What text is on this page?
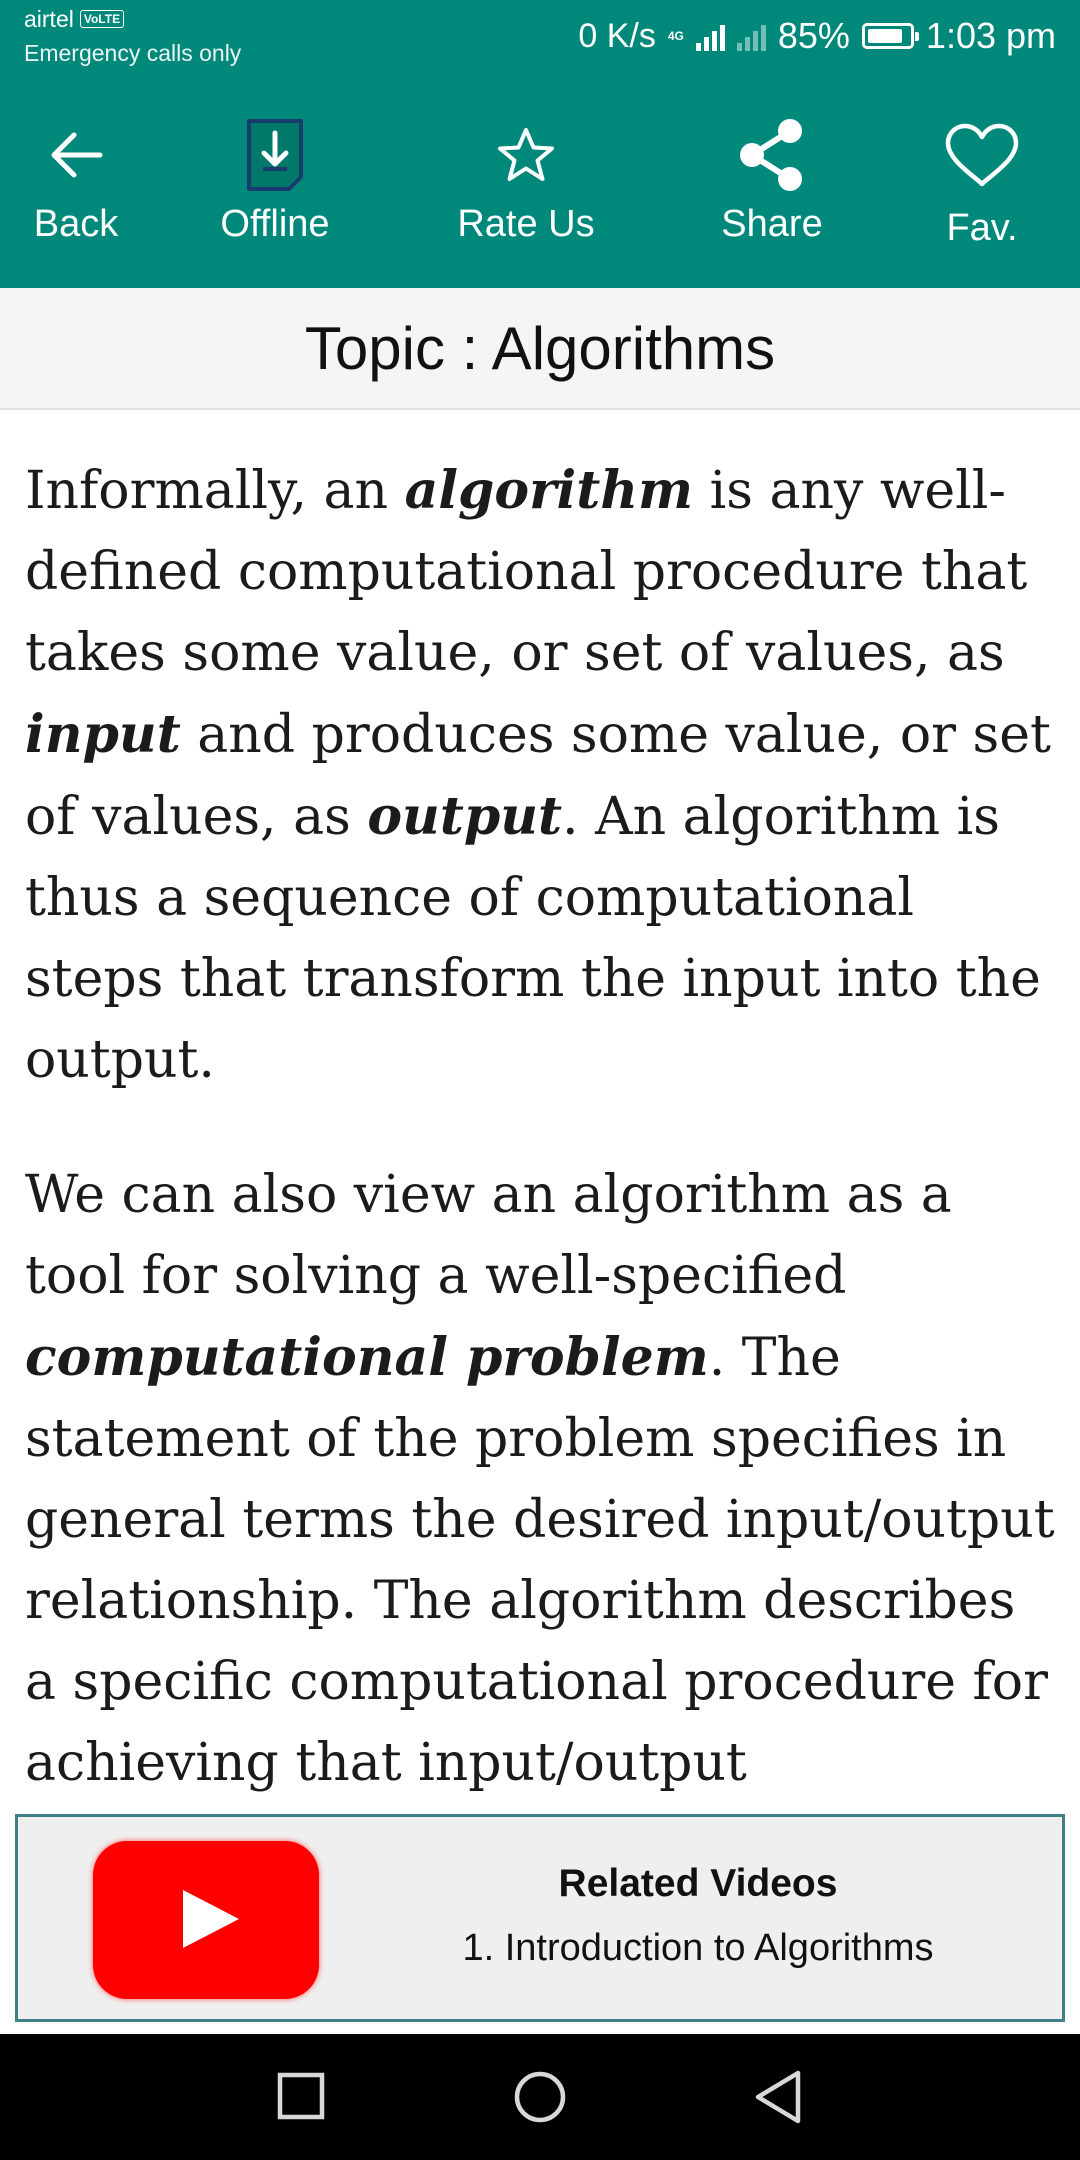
airtel VoLTE
Emergency calls only	0 K/s 4G	85% 1:03 pm
Back	Offline	Rate Us	Share	Fav.
Topic : Algorithms

Informally, an algorithm is any well-defined computational procedure that takes some value, or set of values, as input and produces some value, or set of values, as output. An algorithm is thus a sequence of computational steps that transform the input into the output.

We can also view an algorithm as a tool for solving a well-specified computational problem. The statement of the problem specifies in general terms the desired input/output relationship. The algorithm describes a specific computational procedure for achieving that input/output

Related Videos
1. Introduction to Algorithms
